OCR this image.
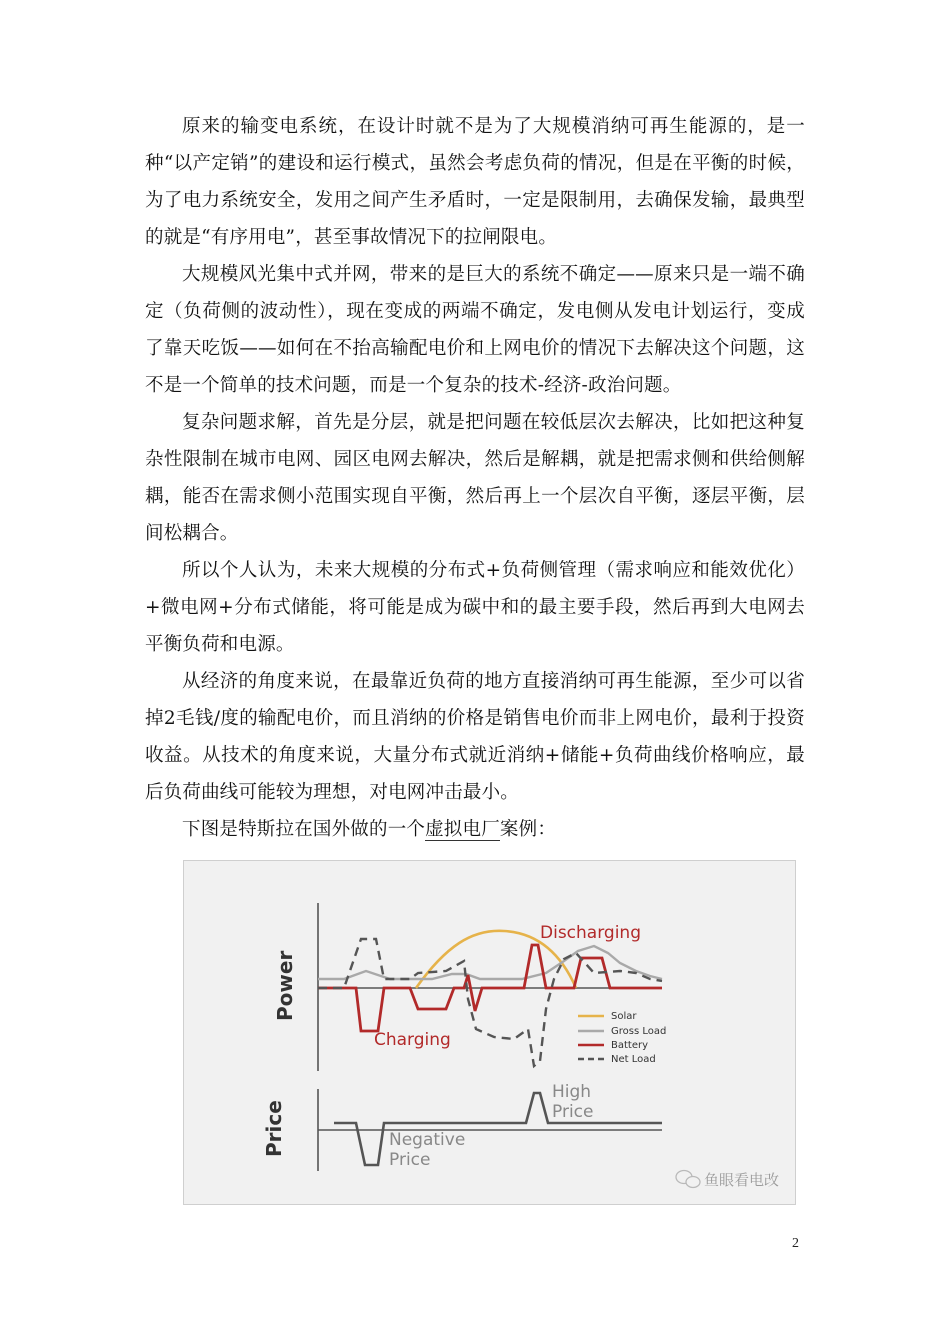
原来的输变电系统，在设计时就不是为了大规模消纳可再生能源的，是一种“以产定销”的建设和运行模式，虽然会考虑负荷的情况，但是在平衡的时候，为了电力系统安全，发用之间产生矛盾时，一定是限制用，去确保发输，最典型的就是“有序用电”，甚至事故情况下的拉闸限电。

大规模风光集中式并网，带来的是巨大的系统不确定——原来只是一端不确定（负荷侧的波动性），现在变成的两端不确定，发电侧从发电计划运行，变成了靠天吃饭——如何在不抬高输配电价和上网电价的情况下去解决这个问题，这不是一个简单的技术问题，而是一个复杂的技术-经济-政治问题。

复杂问题求解，首先是分层，就是把问题在较低层次去解决，比如把这种复杂性限制在城市电网、园区电网去解决，然后是解耦，就是把需求侧和供给侧解耦，能否在需求侧小范围实现自平衡，然后再上一个层次自平衡，逐层平衡，层间松耦合。

所以个人认为，未来大规模的分布式+负荷侧管理（需求响应和能效优化）+微电网+分布式储能，将可能是成为碳中和的最主要手段，然后再到大电网去平衡负荷和电源。

从经济的角度来说，在最靠近负荷的地方直接消纳可再生能源，至少可以省掉2毛钱/度的输配电价，而且消纳的价格是销售电价而非上网电价，最利于投资收益。从技术的角度来说，大量分布式就近消纳+储能+负荷曲线价格响应，最后负荷曲线可能较为理想，对电网冲击最小。

下图是特斯拉在国外做的一个虚拟电厂案例：

Power
Price
Discharging
Charging
High
Price
Negative
Price
Solar
Gross Load
Battery
Net Load
鱼眼看电改
2
